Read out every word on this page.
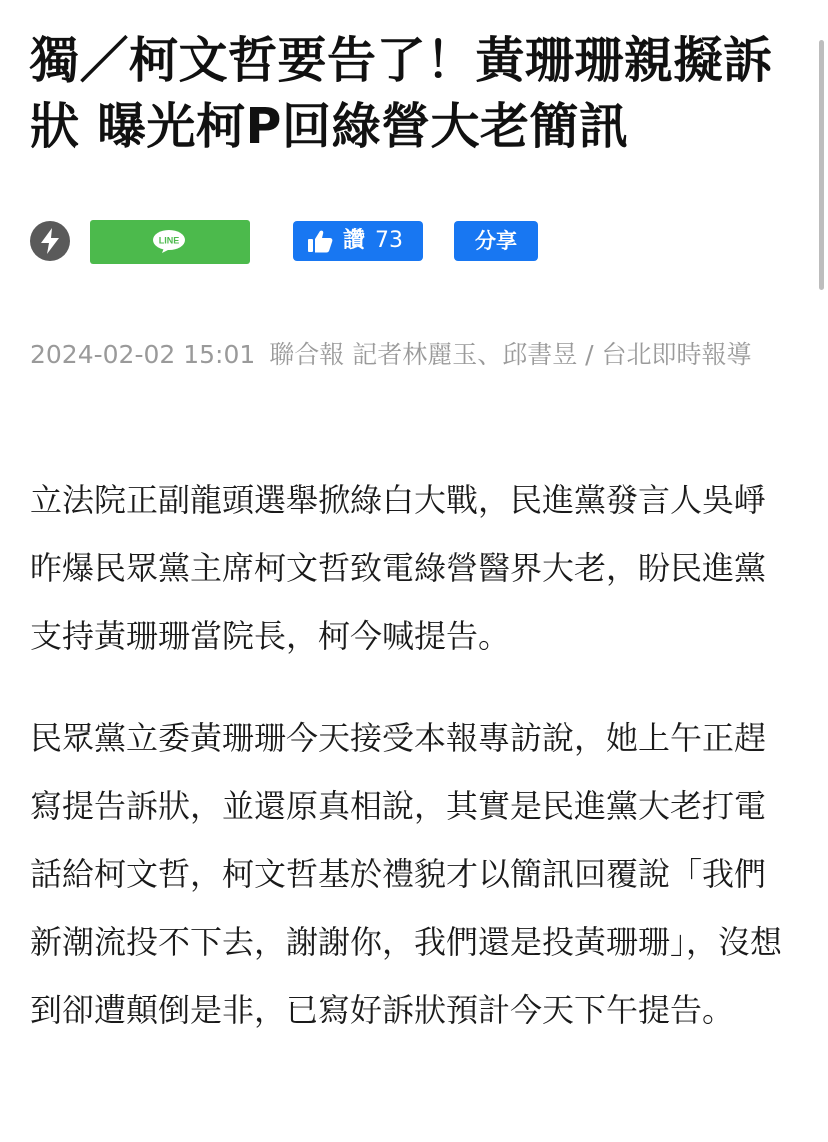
獨／柯文哲要告了！黃珊珊親擬訴狀 曝光柯P回綠營大老簡訊
LINE	讚 73	分享
2024-02-02 15:01 聯合報 記者林麗玉、邱書昱 / 台北即時報導

立法院正副龍頭選舉掀綠白大戰，民進黨發言人吳崢昨爆民眾黨主席柯文哲致電綠營醫界大老，盼民進黨支持黃珊珊當院長，柯今喊提告。

民眾黨立委黃珊珊今天接受本報專訪說，她上午正趕寫提告訴狀，並還原真相說，其實是民進黨大老打電話給柯文哲，柯文哲基於禮貌才以簡訊回覆說「我們新潮流投不下去，謝謝你，我們還是投黃珊珊」，沒想到卻遭顛倒是非，已寫好訴狀預計今天下午提告。
